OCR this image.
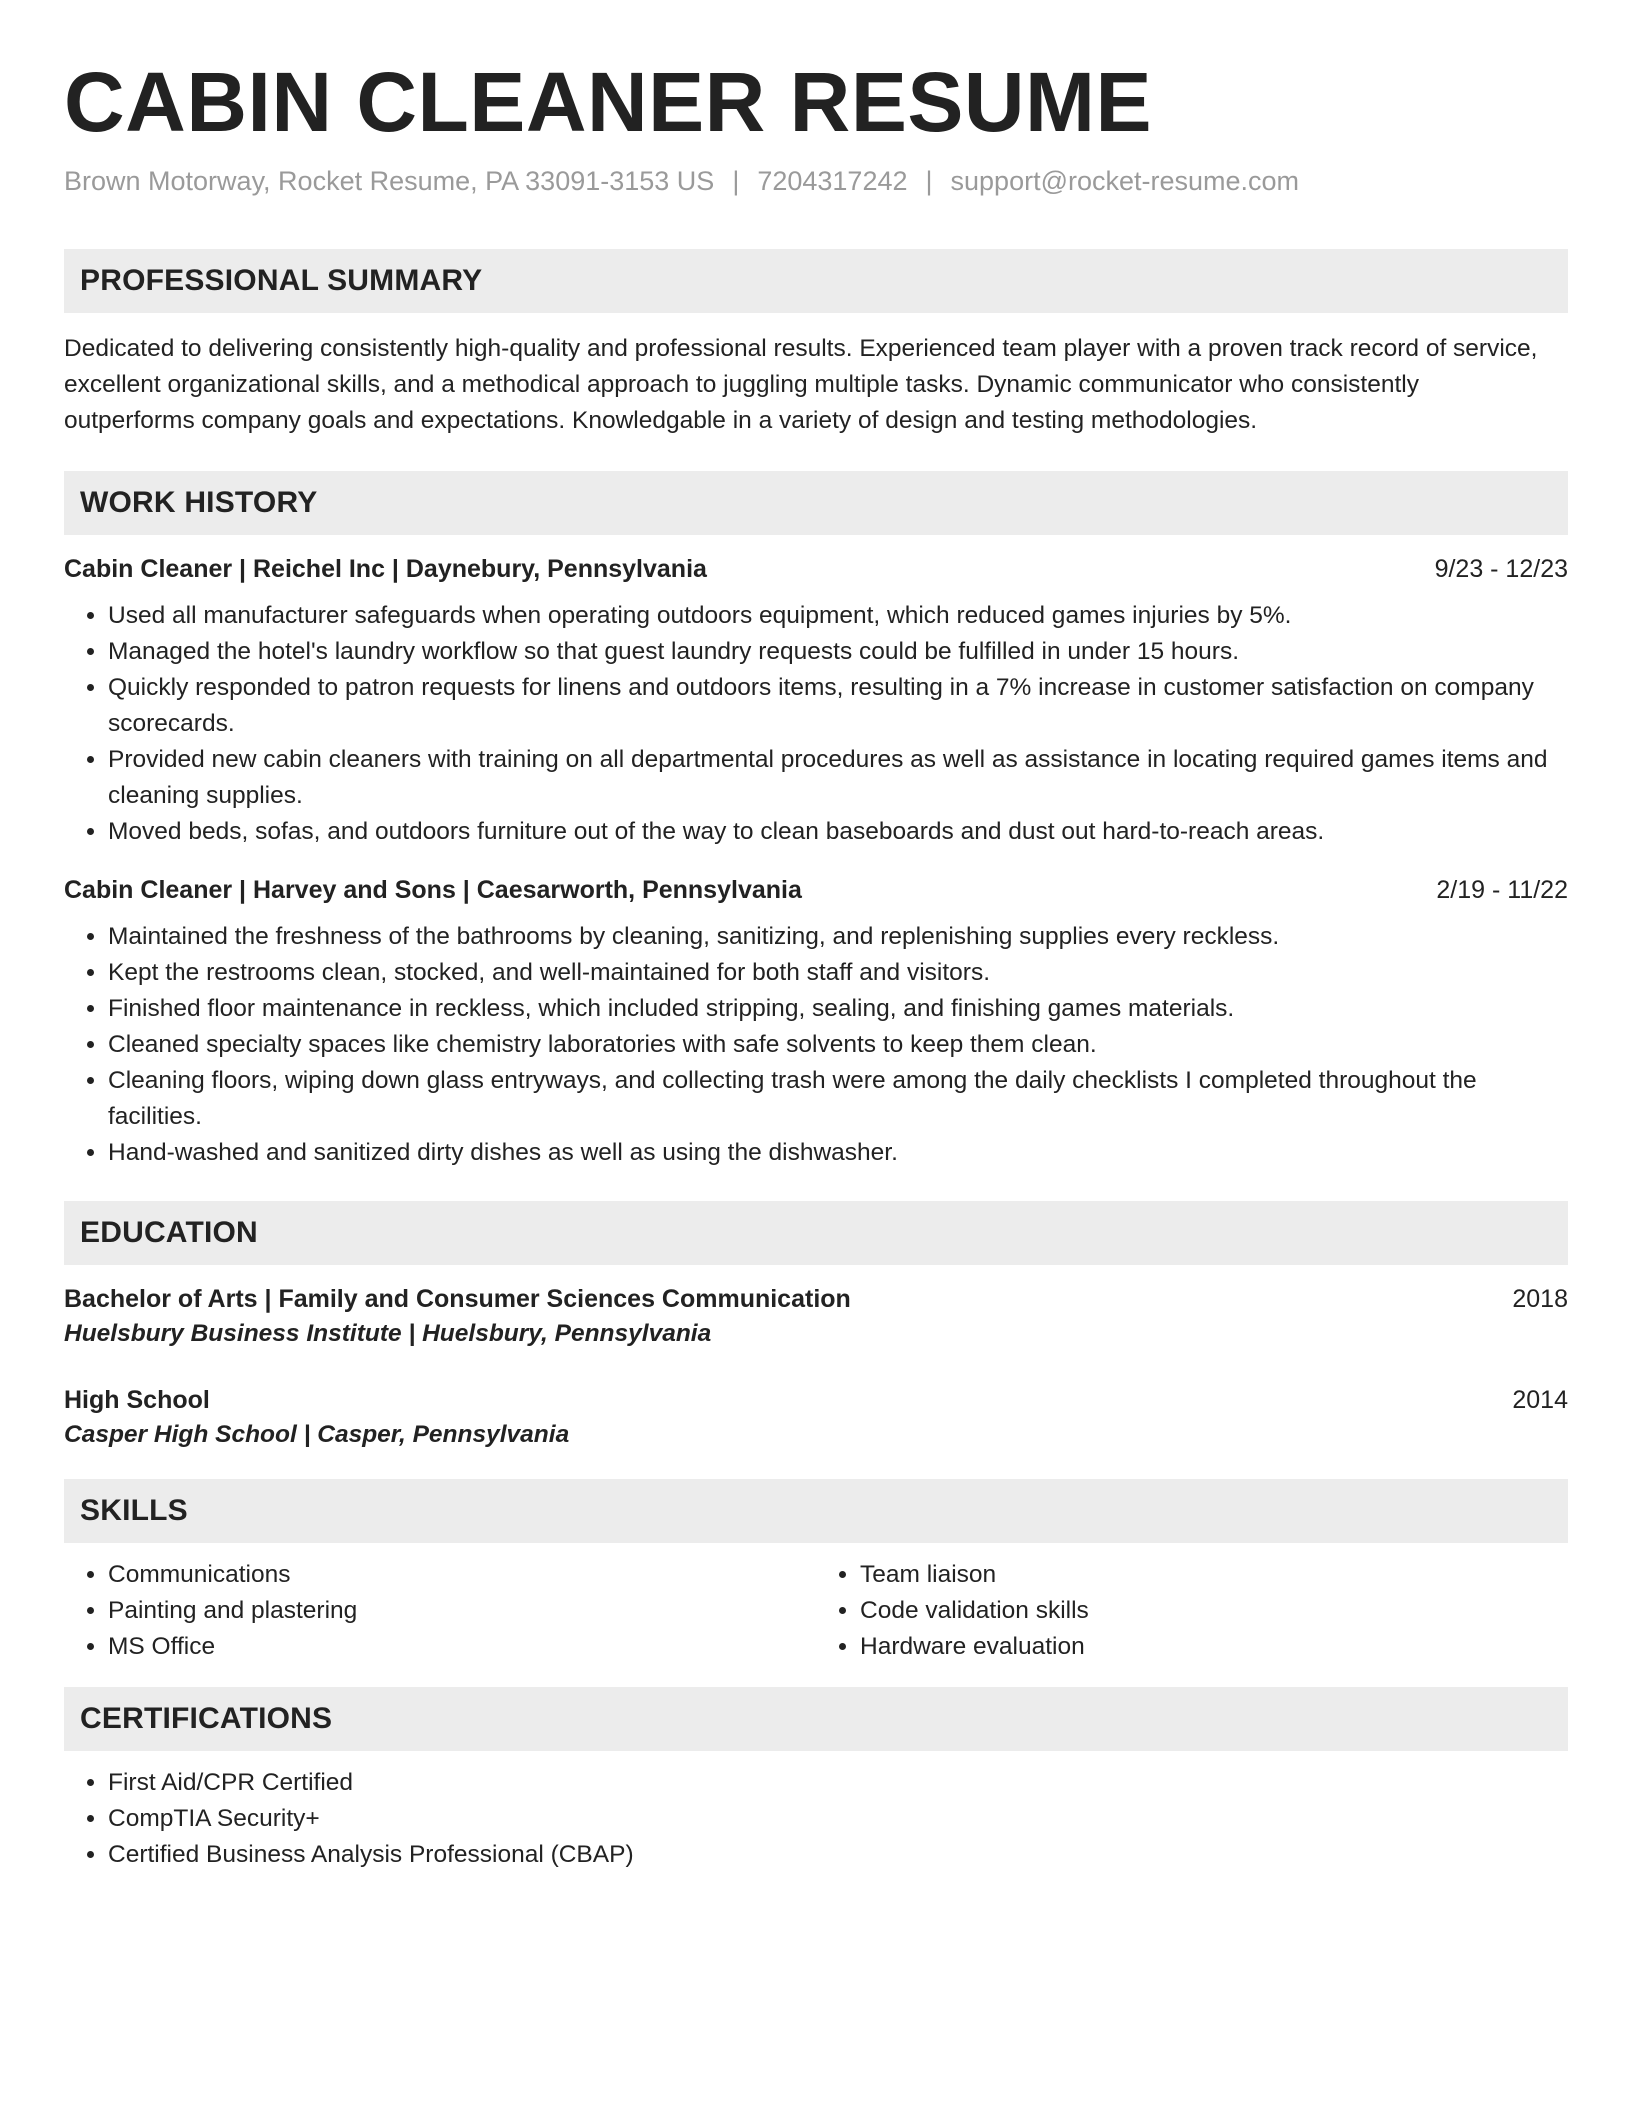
CABIN CLEANER RESUME
Brown Motorway, Rocket Resume, PA 33091-3153 US | 7204317242 | support@rocket-resume.com
PROFESSIONAL SUMMARY
Dedicated to delivering consistently high-quality and professional results. Experienced team player with a proven track record of service,
excellent organizational skills, and a methodical approach to juggling multiple tasks. Dynamic communicator who consistently
outperforms company goals and expectations. Knowledgable in a variety of design and testing methodologies.
WORK HISTORY
Cabin Cleaner | Reichel Inc | Daynebury, Pennsylvania	9/23 - 12/23
• Used all manufacturer safeguards when operating outdoors equipment, which reduced games injuries by 5%.
• Managed the hotel's laundry workflow so that guest laundry requests could be fulfilled in under 15 hours.
• Quickly responded to patron requests for linens and outdoors items, resulting in a 7% increase in customer satisfaction on company scorecards.
• Provided new cabin cleaners with training on all departmental procedures as well as assistance in locating required games items and cleaning supplies.
• Moved beds, sofas, and outdoors furniture out of the way to clean baseboards and dust out hard-to-reach areas.
Cabin Cleaner | Harvey and Sons | Caesarworth, Pennsylvania	2/19 - 11/22
• Maintained the freshness of the bathrooms by cleaning, sanitizing, and replenishing supplies every reckless.
• Kept the restrooms clean, stocked, and well-maintained for both staff and visitors.
• Finished floor maintenance in reckless, which included stripping, sealing, and finishing games materials.
• Cleaned specialty spaces like chemistry laboratories with safe solvents to keep them clean.
• Cleaning floors, wiping down glass entryways, and collecting trash were among the daily checklists I completed throughout the facilities.
• Hand-washed and sanitized dirty dishes as well as using the dishwasher.
EDUCATION
Bachelor of Arts | Family and Consumer Sciences Communication	2018
Huelsbury Business Institute | Huelsbury, Pennsylvania
High School	2014
Casper High School | Casper, Pennsylvania
SKILLS
• Communications
• Painting and plastering
• MS Office
• Team liaison
• Code validation skills
• Hardware evaluation
CERTIFICATIONS
• First Aid/CPR Certified
• CompTIA Security+
• Certified Business Analysis Professional (CBAP)
